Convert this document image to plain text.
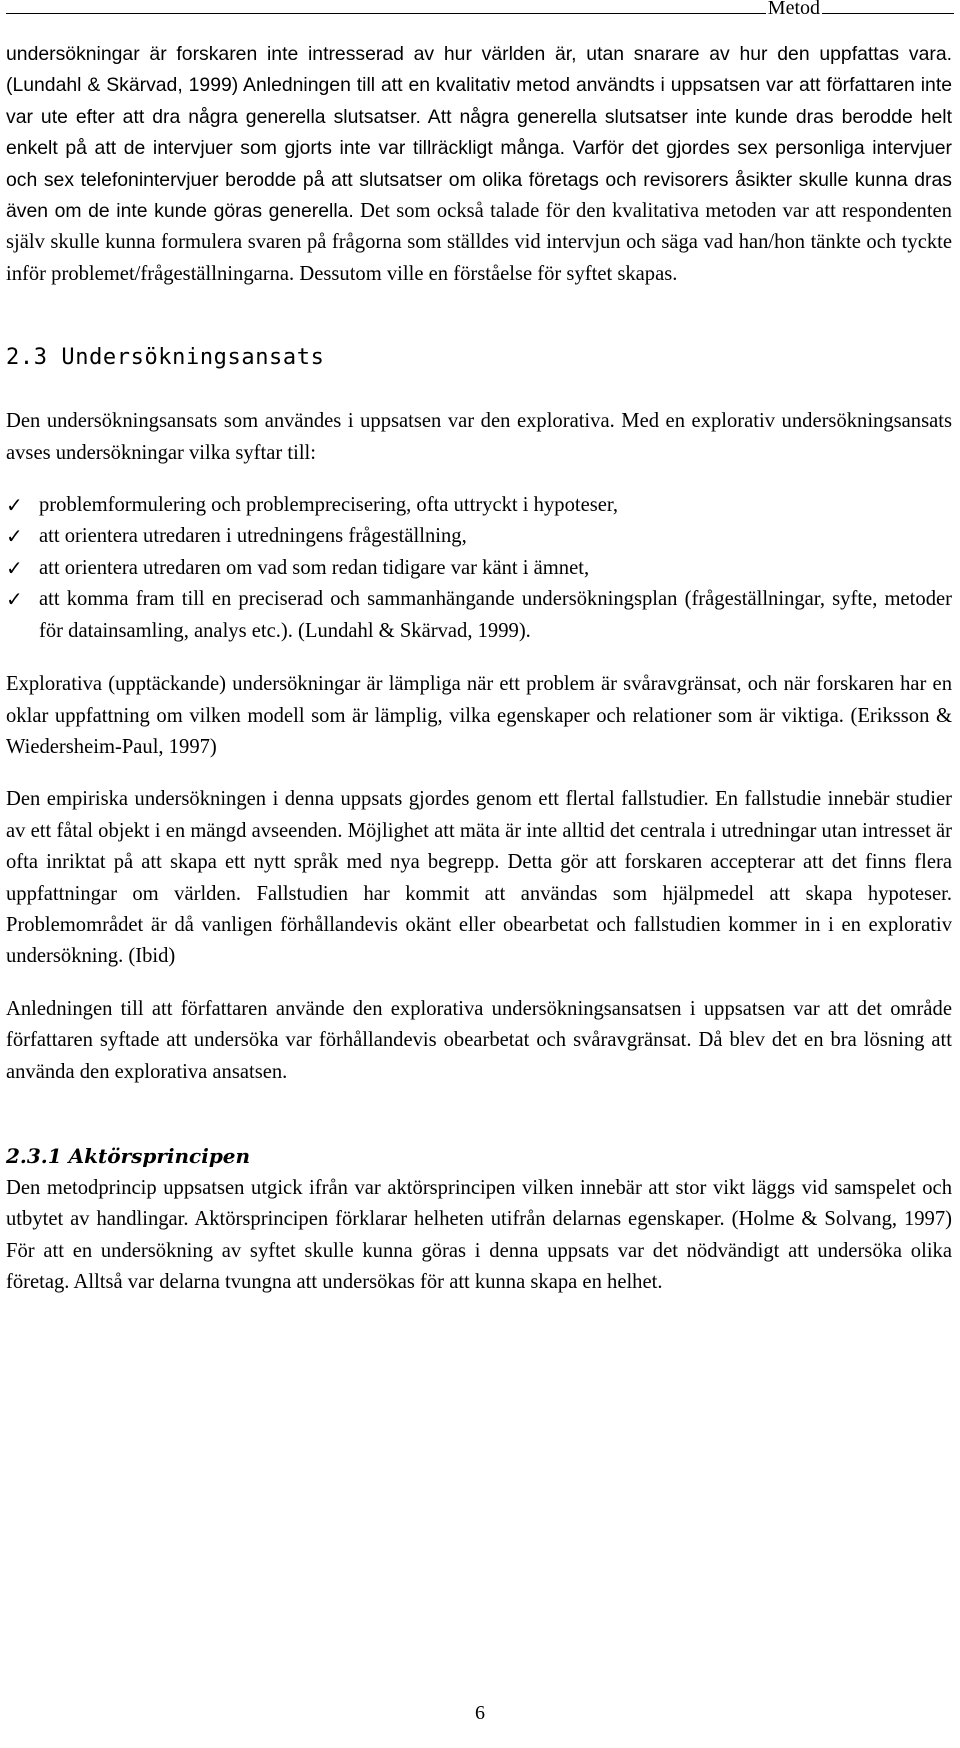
Metod

undersökningar är forskaren inte intresserad av hur världen är, utan snarare av hur den uppfattas vara. (Lundahl & Skärvad, 1999) Anledningen till att en kvalitativ metod användts i uppsatsen var att författaren inte var ute efter att dra några generella slutsatser. Att några generella slutsatser inte kunde dras berodde helt enkelt på att de intervjuer som gjorts inte var tillräckligt många. Varför det gjordes sex personliga intervjuer och sex telefonintervjuer berodde på att slutsatser om olika företags och revisorers åsikter skulle kunna dras även om de inte kunde göras generella. Det som också talade för den kvalitativa metoden var att respondenten själv skulle kunna formulera svaren på frågorna som ställdes vid intervjun och säga vad han/hon tänkte och tyckte inför problemet/frågeställningarna. Dessutom ville en förståelse för syftet skapas.

2.3 Undersökningsansats

Den undersökningsansats som användes i uppsatsen var den explorativa. Med en explorativ undersökningsansats avses undersökningar vilka syftar till:

✓ problemformulering och problemprecisering, ofta uttryckt i hypoteser,
✓ att orientera utredaren i utredningens frågeställning,
✓ att orientera utredaren om vad som redan tidigare var känt i ämnet,
✓ att komma fram till en preciserad och sammanhängande undersökningsplan (frågeställningar, syfte, metoder för datainsamling, analys etc.). (Lundahl & Skärvad, 1999).

Explorativa (upptäckande) undersökningar är lämpliga när ett problem är svåravgränsat, och när forskaren har en oklar uppfattning om vilken modell som är lämplig, vilka egenskaper och relationer som är viktiga. (Eriksson & Wiedersheim-Paul, 1997)

Den empiriska undersökningen i denna uppsats gjordes genom ett flertal fallstudier. En fallstudie innebär studier av ett fåtal objekt i en mängd avseenden. Möjlighet att mäta är inte alltid det centrala i utredningar utan intresset är ofta inriktat på att skapa ett nytt språk med nya begrepp. Detta gör att forskaren accepterar att det finns flera uppfattningar om världen. Fallstudien har kommit att användas som hjälpmedel att skapa hypoteser. Problemområdet är då vanligen förhållandevis okänt eller obearbetat och fallstudien kommer in i en explorativ undersökning. (Ibid)

Anledningen till att författaren använde den explorativa undersökningsansatsen i uppsatsen var att det område författaren syftade att undersöka var förhållandevis obearbetat och svåravgränsat. Då blev det en bra lösning att använda den explorativa ansatsen.

2.3.1 Aktörsprincipen

Den metodprincip uppsatsen utgick ifrån var aktörsprincipen vilken innebär att stor vikt läggs vid samspelet och utbytet av handlingar. Aktörsprincipen förklarar helheten utifrån delarnas egenskaper. (Holme & Solvang, 1997) För att en undersökning av syftet skulle kunna göras i denna uppsats var det nödvändigt att undersöka olika företag. Alltså var delarna tvungna att undersökas för att kunna skapa en helhet.

6
